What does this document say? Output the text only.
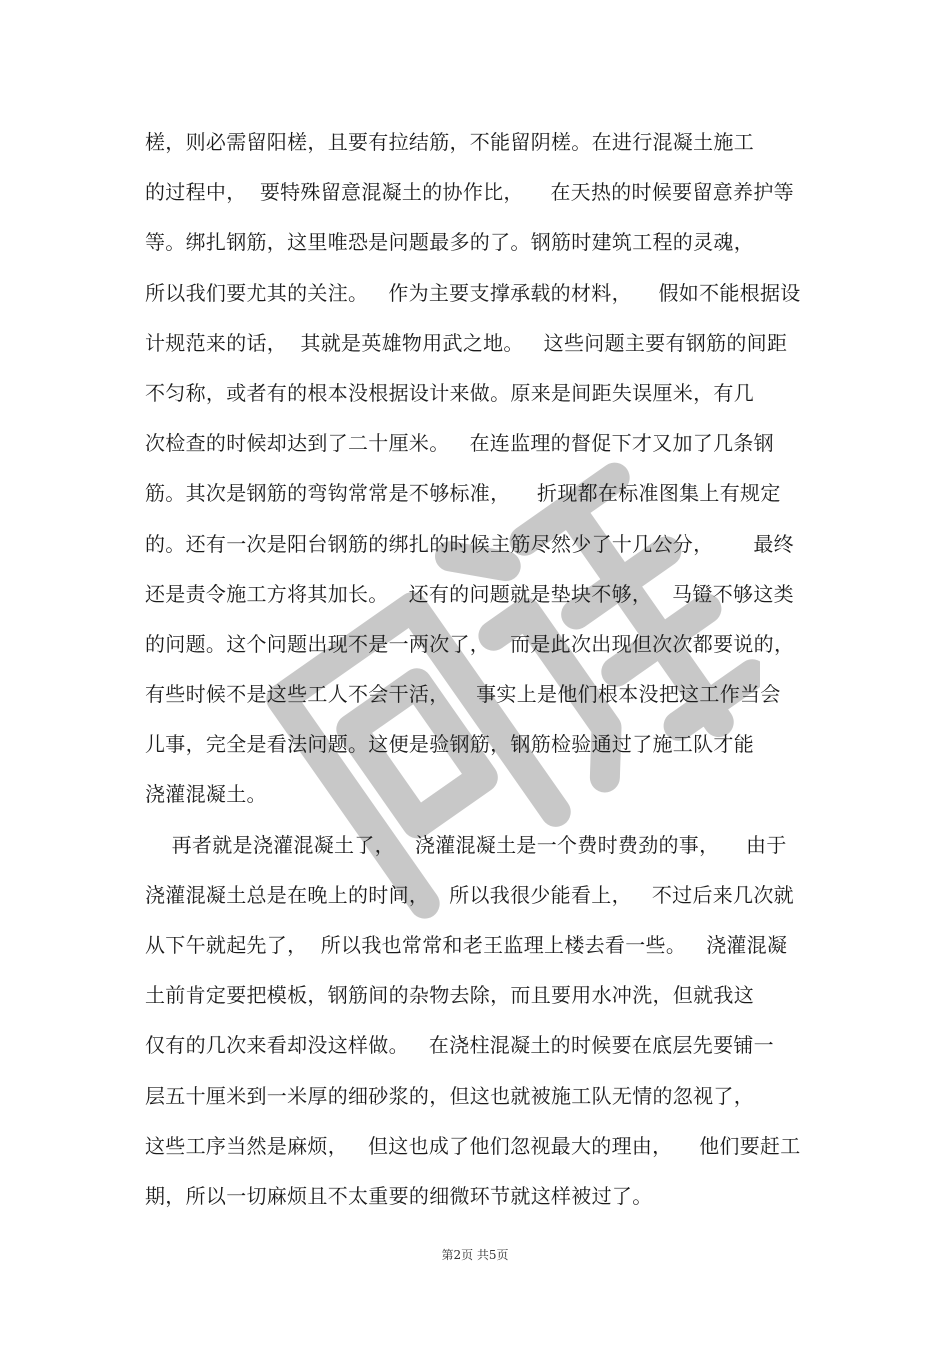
槎，则必需留阳槎，且要有拉结筋，不能留阴槎。在进行混凝土施工
的过程中，  要特殊留意混凝土的协作比，    在天热的时候要留意养护等
等。绑扎钢筋，这里唯恐是问题最多的了。钢筋时建筑工程的灵魂，
所以我们要尤其的关注。   作为主要支撑承载的材料，    假如不能根据设
计规范来的话，  其就是英雄物用武之地。   这些问题主要有钢筋的间距
不匀称，或者有的根本没根据设计来做。原来是间距失误厘米，有几
次检查的时候却达到了二十厘米。   在连监理的督促下才又加了几条钢
筋。其次是钢筋的弯钩常常是不够标准，    折现都在标准图集上有规定
的。还有一次是阳台钢筋的绑扎的时候主筋尽然少了十几公分，      最终
还是责令施工方将其加长。   还有的问题就是垫块不够，   马镫不够这类
的问题。这个问题出现不是一两次了，   而是此次出现但次次都要说的，
有些时候不是这些工人不会干活，    事实上是他们根本没把这工作当会
儿事，完全是看法问题。这便是验钢筋，钢筋检验通过了施工队才能
浇灌混凝土。
再者就是浇灌混凝土了，   浇灌混凝土是一个费时费劲的事，    由于
浇灌混凝土总是在晚上的时间，   所以我很少能看上，   不过后来几次就
从下午就起先了，  所以我也常常和老王监理上楼去看一些。   浇灌混凝
土前肯定要把模板，钢筋间的杂物去除，而且要用水冲洗，但就我这
仅有的几次来看却没这样做。   在浇柱混凝土的时候要在底层先要铺一
层五十厘米到一米厚的细砂浆的，但这也就被施工队无情的忽视了，
这些工序当然是麻烦，   但这也成了他们忽视最大的理由，    他们要赶工
期，所以一切麻烦且不太重要的细微环节就这样被过了。
第2页 共5页
